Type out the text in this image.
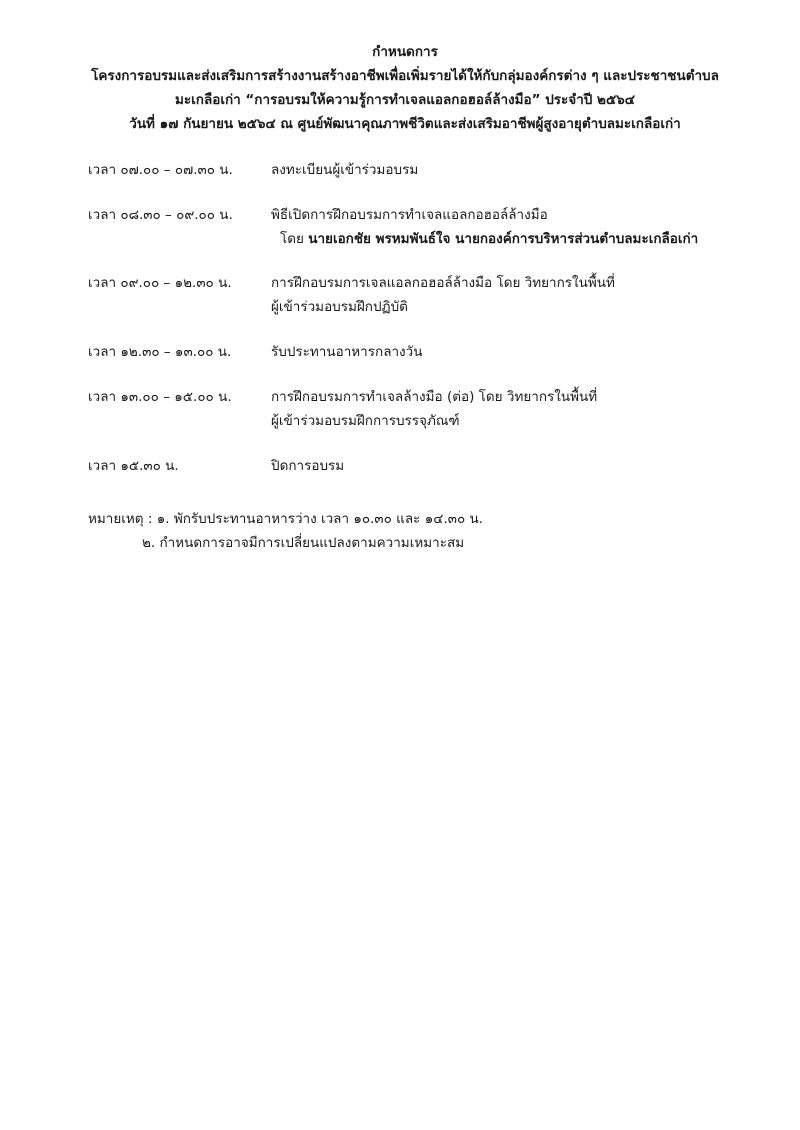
กำหนดการ
โครงการอบรมและส่งเสริมการสร้างงานสร้างอาชีพเพื่อเพิ่มรายได้ให้กับกลุ่มองค์กรต่าง ๆ และประชาชนตำบล
มะเกลือเก่า “การอบรมให้ความรู้การทำเจลแอลกอฮอล์ล้างมือ” ประจำปี ๒๕๖๔
วันที่ ๑๗ กันยายน ๒๕๖๔ ณ ศูนย์พัฒนาคุณภาพชีวิตและส่งเสริมอาชีพผู้สูงอายุตำบลมะเกลือเก่า
เวลา ๐๗.๐๐ – ๐๗.๓๐ น.	ลงทะเบียนผู้เข้าร่วมอบรม
เวลา ๐๘.๓๐ – ๐๙.๐๐ น.	พิธีเปิดการฝึกอบรมการทำเจลแอลกอฮอล์ล้างมือ
โดย นายเอกชัย พรหมพันธ์ใจ นายกองค์การบริหารส่วนตำบลมะเกลือเก่า
เวลา ๐๙.๐๐ – ๑๒.๓๐ น.	การฝึกอบรมการเจลแอลกอฮอล์ล้างมือ โดย วิทยากรในพื้นที่
ผู้เข้าร่วมอบรมฝึกปฏิบัติ
เวลา ๑๒.๓๐ – ๑๓.๐๐ น.	รับประทานอาหารกลางวัน
เวลา ๑๓.๐๐ – ๑๕.๐๐ น.	การฝึกอบรมการทำเจลล้างมือ (ต่อ) โดย วิทยากรในพื้นที่
ผู้เข้าร่วมอบรมฝึกการบรรจุภัณฑ์
เวลา ๑๕.๓๐ น.	ปิดการอบรม
หมายเหตุ : ๑. พักรับประทานอาหารว่าง เวลา ๑๐.๓๐ และ ๑๔.๓๐ น.
๒. กำหนดการอาจมีการเปลี่ยนแปลงตามความเหมาะสม
